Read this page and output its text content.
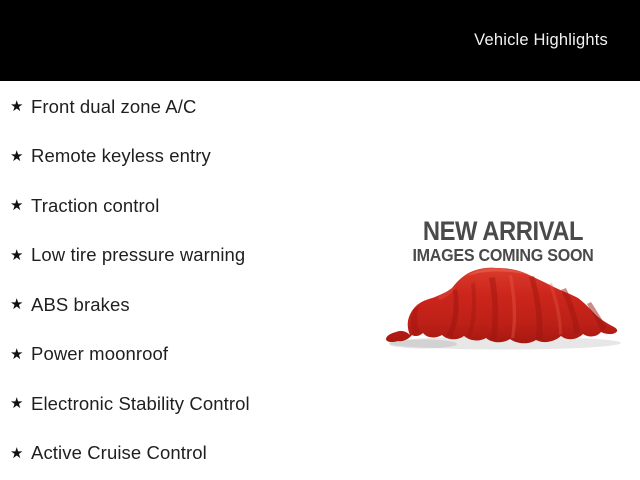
Vehicle Highlights
★ Front dual zone A/C
★ Remote keyless entry
★ Traction control
★ Low tire pressure warning
★ ABS brakes
★ Power moonroof
★ Electronic Stability Control
★ Active Cruise Control
NEW ARRIVAL
IMAGES COMING SOON
